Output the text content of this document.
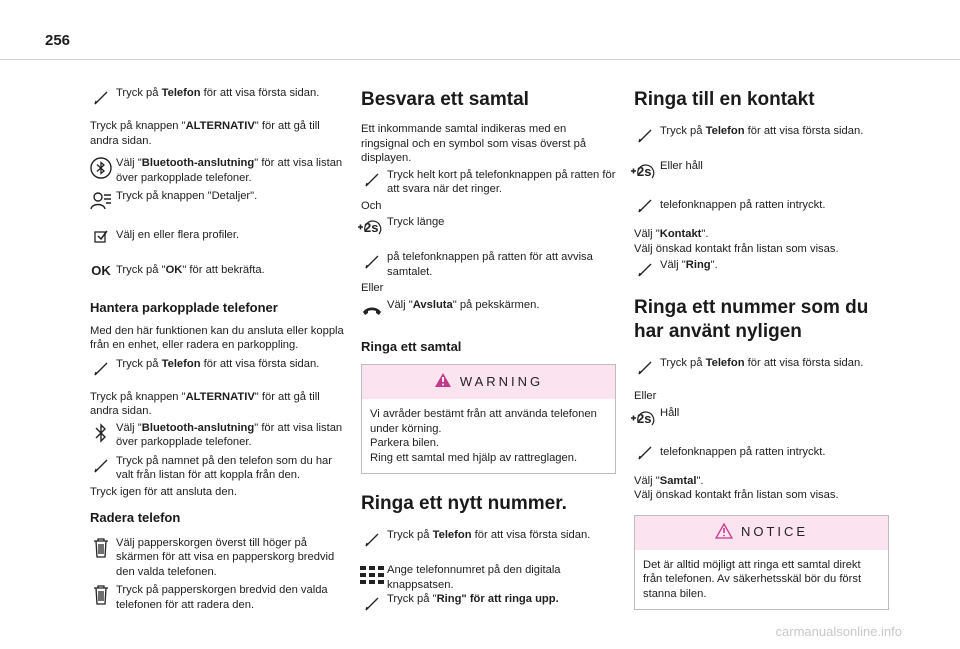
256
Tryck på Telefon för att visa första sidan.

Tryck på knappen "ALTERNATIV" för att gå till andra sidan.

Välj "Bluetooth-anslutning" för att visa listan över parkopplade telefoner.
Tryck på knappen "Detaljer".
Välj en eller flera profiler.
OK Tryck på "OK" för att bekräfta.
Hantera parkopplade telefoner

Med den här funktionen kan du ansluta eller koppla från en enhet, eller radera en parkoppling.

Tryck på Telefon för att visa första sidan.

Tryck på knappen "ALTERNATIV" för att gå till andra sidan.

Välj "Bluetooth-anslutning" för att visa listan över parkopplade telefoner.
Tryck på namnet på den telefon som du har valt från listan för att koppla från den.

Tryck igen för att ansluta den.

Radera telefon
Välj papperskorgen överst till höger på skärmen för att visa en papperskorg bredvid den valda telefonen.
Tryck på papperskorgen bredvid den valda telefonen för att radera den.
Besvara ett samtal

Ett inkommande samtal indikeras med en ringsignal och en symbol som visas överst på displayen.

Tryck helt kort på telefonknappen på ratten för att svara när det ringer.

Och

2s Tryck länge
på telefonknappen på ratten för att avvisa samtalet.

Eller

Välj "Avsluta" på pekskärmen.
Ringa ett samtal
WARNING
Vi avråder bestämt från att använda telefonen under körning.
Parkera bilen.
Ring ett samtal med hjälp av rattreglagen.
Ringa ett nytt nummer.
Tryck på Telefon för att visa första sidan.
Ange telefonnumret på den digitala knappsatsen.
Tryck på "Ring" för att ringa upp.
Ringa till en kontakt
Tryck på Telefon för att visa första sidan.
2s Eller håll
telefonknappen på ratten intryckt.
Välj "Kontakt".
Välj önskad kontakt från listan som visas.
Välj "Ring".
Ringa ett nummer som du har använt nyligen
Tryck på Telefon för att visa första sidan.

Eller

2s Håll
telefonknappen på ratten intryckt.
Välj "Samtal".
Välj önskad kontakt från listan som visas.
NOTICE
Det är alltid möjligt att ringa ett samtal direkt från telefonen. Av säkerhetsskäl bör du först stanna bilen.
carmanualsonline.info
